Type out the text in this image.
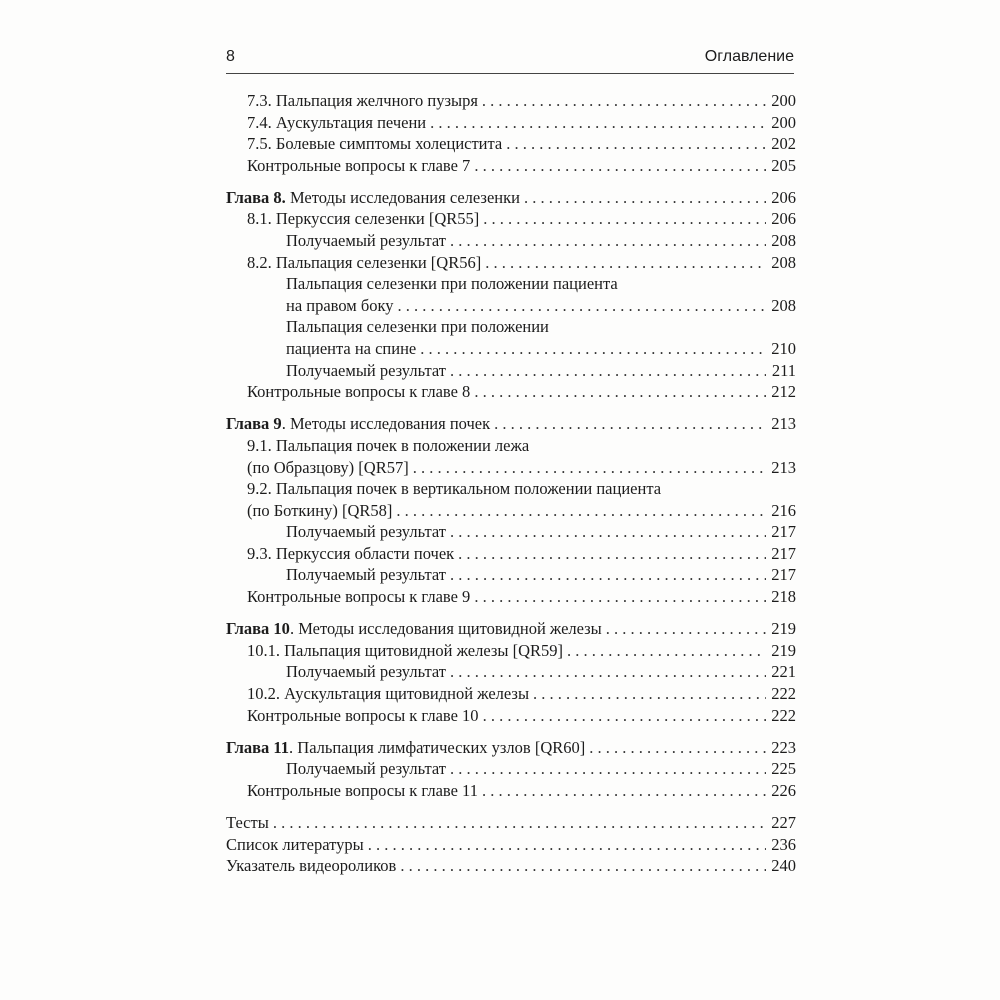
8	Оглавление
7.3. Пальпация желчного пузыря . . .	200
7.4. Аускультация печени . . .	200
7.5. Болевые симптомы холецистита . . .	202
Контрольные вопросы к главе 7 . . .	205
Глава 8. Методы исследования селезенки . . .	206
8.1. Перкуссия селезенки [QR55] . . .	206
Получаемый результат . . .	208
8.2. Пальпация селезенки [QR56] . . .	208
Пальпация селезенки при положении пациента
на правом боку . . .	208
Пальпация селезенки при положении
пациента на спине . . .	210
Получаемый результат . . .	211
Контрольные вопросы к главе 8 . . .	212
Глава 9. Методы исследования почек . . .	213
9.1. Пальпация почек в положении лежа
(по Образцову) [QR57] . . .	213
9.2. Пальпация почек в вертикальном положении пациента
(по Боткину) [QR58] . . .	216
Получаемый результат . . .	217
9.3. Перкуссия области почек . . .	217
Получаемый результат . . .	217
Контрольные вопросы к главе 9 . . .	218
Глава 10. Методы исследования щитовидной железы . . .	219
10.1. Пальпация щитовидной железы [QR59] . . .	219
Получаемый результат . . .	221
10.2. Аускультация щитовидной железы . . .	222
Контрольные вопросы к главе 10 . . .	222
Глава 11. Пальпация лимфатических узлов [QR60] . . .	223
Получаемый результат . . .	225
Контрольные вопросы к главе 11 . . .	226
Тесты . . .	227
Список литературы . . .	236
Указатель видеороликов . . .	240
